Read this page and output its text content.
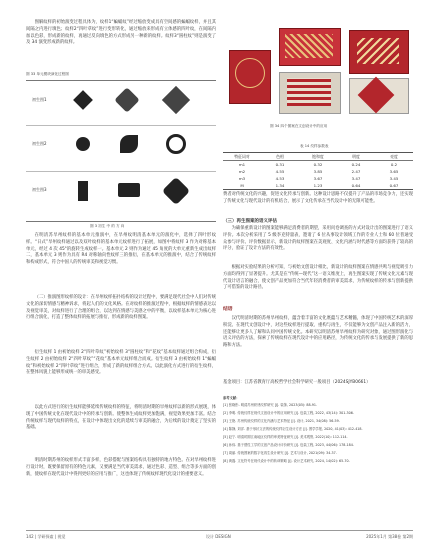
图解纹样的初始演变过程具体为，纹样1“蝙蝠纹”经过缩放变成具有空间感的蝙蝠纹样，并且其间隔之内进行填色；纹样2“四叶草纹”进行变形转化，通过缩放来形成有立体感的四叶纹，在间隔内加以色彩，形成新的纹样，再通过反向填色的方式形成另一种新的纹样。纹样3“圆柱纹”则是演变了及 34 演变形成新的纹样。

图 33 单元模块演化过程图
初生图1
初生图2
初生图3
图 3 初生 中 的 方 向

在明清苏旱州纹样的基本单元推演中，在旱州纹明清基本单元的演化中，选择了四叶形纹样。“日式”旱州纹样通过以及双叶纹样的基本单元纹样进行了拓展，如图中将纹样 3 作为对称基本单元，经过 4 次 45°的旋转生成纹样一。基本单元 2 则作为通过 45 角度的大单元重新生成出纹样二，基本单元 3 则作为具有 R4 对称轴向性纹样三的推衍，在基本单元的推演中，结合了传统纹样和构成形式，符合中国人的传统审美和视觉习惯。

（二）推演图形纹样的设计：在旱州纹样拓扑结构的设计过程中，要满足现代社会中人们对传统文化的深切情感与精神诉求，将起人们的文化风格。在对纹样的推演过程中，根据纹样的情感表达以及视觉审美，对纹样进行了合理的组合，以达到在情感与美感之中的平衡，以纹样基本单元为核心进行组合演化，打造了整体纹样的拓展与推衍，形成新的纹样图案。

衍生纹样 1 由初始纹样 2“四叶草纹”初始纹样 3“圆柱纹”和“花纹”基本纹样通过组合构成，衍生纹样 2 由初始纹样 2“四叶草纹”“花纹”基本单元纹样组合而成。衍生纹样 3 由初始纹样 1“蝙蝠纹”和初始纹样 2“四叶草纹”进行组合，形成了新的纹样组合方式。以此演化方式进行的衍生纹样，在整体风貌上能够形成统一的审美感受。

以此方式进行的衍生纹样能够延续传统纹样的特征，将明清时期的旱州纹样以新的形式展现，体现了中国传统文化在现代设计中的传承与创新。使整体生成纹样更加饱满，视觉效果更加丰富。结合传统纹样与现代纹样的特点，在设计中体现出文化的延续与审美的融合，为后续的设计奠定了坚实的基础。

明清时期苏州的纹样形式丰富多样，色彩搭配与图案结构具有独特的地方特色。在对旱州纹样进行设计时，既要保留原有的特色元素，又要满足当代审美需求，通过色彩、造型、组合等多方面的创新，使纹样在现代设计中得到更好的应用与推广，这也体现了传统纹样现代化设计的重要意义。

图 34 四个图案在文创设计中的应用
表 14 纹样参数表
特征词对	色相	饱和度	明度	亮度
m1	0.31	0.32	0.24	0.2
m2	4.55	3.85	2.47	3.65
m3	4.53	3.67	3.47	3.45
M	1.34	1.23	0.64	0.67

费者对传统文化的兴趣，促进文化传承与创新。这种设计思路不仅提升了产品的市场竞争力，还实现了传统文化与现代设计的有机结合，展示了文化传承在当代设计中的无限可能性。

（三）再生图案的语义评估

为确保重新设计的图案能够满足消费者的期望，采用问卷调查的方式对设计出的图案进行了语义评价。本次分析采用了 5 级李克特量表，邀请了 6 位从事设计领域工作的专业人士和 60 位普通受众参与评价。评价数据显示，新设计的纹样图案在美观度、文化内涵与时代感等方面均获得了较高的评分，验证了设计方法的有效性。

根据对实验结果的分析可知，与初始文创设计相比，新设计的纹样图案在情感共鸣与视觉吸引力方面均得到了显著提升。尤其是在“传统—现代”这一语义维度上，再生图案实现了传统文化元素与现代设计语言的融合，使文创产品更加符合当代年轻消费者的审美需求，为传统纹样的传承与创新提供了可借鉴的设计路径。

结语

汉代明清时期的苏州旱州纹样，蕴含着丰富的文化底蕴与艺术精髓，体现了中国传统艺术的深厚积淀。在现代文创设计中，对这些纹样进行提取、重构与再生，不仅能够为文创产品注入新的活力，还能够让更多人了解和认同中国传统文化。本研究以明清苏州旱州纹样为研究对象，通过图形演化与语义评估的方法，探索了传统纹样在现代设计中的应用路径，为传统文化的传承与发展提供了新的思路和方法。

基金项目：江苏省教育厅高校哲学社会科学研究一般项目（2024SJYB0661）

参考文献：
[1] 张晓彤. 明清苏州织绣纹样研究 [J]. 装饰, 2023(05): 88-91.
[2] 李明. 传统纹样在现代文创设计中的应用研究 [J]. 包装工程, 2022, 43(14): 301-306.
[3] 王艳. 苏州传统纹样的文化内涵与艺术特征 [J]. 设计, 2021, 34(08): 56-59.
[4] 陈静, 刘洋. 基于形状文法的传统纹样衍生设计方法 [J]. 图学学报, 2020, 41(03): 412-418.
[5] 赵宁. 明清时期江南地区纹样的审美特征研究 [J]. 美术观察, 2022(10): 112-114.
[6] 孙伟. 基于感性工学的文创产品设计评价研究 [J]. 包装工程, 2023, 44(06): 178-184.
[7] 周丽. 传统图案的数字化再生设计研究 [J]. 艺术与设计, 2021(09): 34-37.
[8] 黄磊. 文化符号在现代设计中的转译策略 [J]. 设计艺术研究, 2024, 14(02): 65-70.
142 | 学研探索 | 视觉	设计 DESIGN	2025年1月 第38卷 第2期
